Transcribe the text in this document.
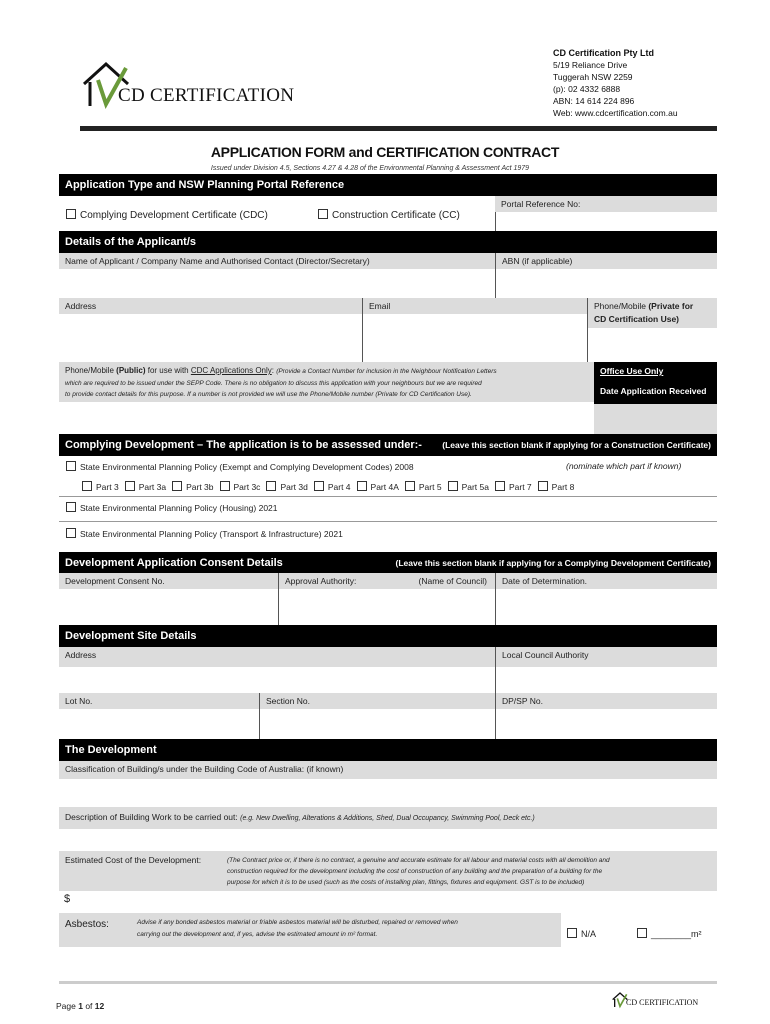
CD CERTIFICATION
CD Certification Pty Ltd
5/19 Reliance Drive
Tuggerah NSW 2259
(p): 02 4332 6888
ABN: 14 614 224 896
Web: www.cdcertification.com.au
APPLICATION FORM and CERTIFICATION CONTRACT
Issued under Division 4.5, Sections 4.27 & 4.28 of the Environmental Planning & Assessment Act 1979
Application Type and NSW Planning Portal Reference
Complying Development Certificate (CDC)	Construction Certificate (CC)
Portal Reference No:
Details of the Applicant/s
Name of Applicant / Company Name and Authorised Contact (Director/Secretary)	ABN (if applicable)
Address	Email	Phone/Mobile (Private for
CD Certification Use)
Phone/Mobile (Public) for use with CDC Applications Only: (Provide a Contact Number for inclusion in the Neighbour Notification Letters
which are required to be issued under the SEPP Code. There is no obligation to discuss this application with your neighbours but we are required
to provide contact details for this purpose. If a number is not provided we will use the Phone/Mobile number (Private for CD Certification Use).
Office Use Only
Date Application Received
Complying Development – The application is to be assessed under:- (Leave this section blank if applying for a Construction Certificate)
State Environmental Planning Policy (Exempt and Complying Development Codes) 2008	(nominate which part if known)
Part 3 Part 3a Part 3b Part 3c Part 3d Part 4 Part 4A Part 5 Part 5a Part 7 Part 8
State Environmental Planning Policy (Housing) 2021
State Environmental Planning Policy (Transport & Infrastructure) 2021
Development Application Consent Details	(Leave this section blank if applying for a Complying Development Certificate)
Development Consent No.	Approval Authority:	(Name of Council)	Date of Determination.
Development Site Details
Address	Local Council Authority
Lot No.	Section No.	DP/SP No.
The Development
Classification of Building/s under the Building Code of Australia: (if known)
Description of Building Work to be carried out: (e.g. New Dwelling, Alterations & Additions, Shed, Dual Occupancy, Swimming Pool, Deck etc.)
Estimated Cost of the Development:	(The Contract price or, if there is no contract, a genuine and accurate estimate for all labour and material costs with all demolition and
construction required for the development including the cost of construction of any building and the preparation of a building for the
purpose for which it is to be used (such as the costs of installing plan, fittings, fixtures and equipment. GST is to be included)
$
Asbestos:	Advise if any bonded asbestos material or friable asbestos material will be disturbed, repaired or removed when
carrying out the development and, if yes, advise the estimated amount in m² format.	N/A	________m²
Page 1 of 12	CD CERTIFICATION
